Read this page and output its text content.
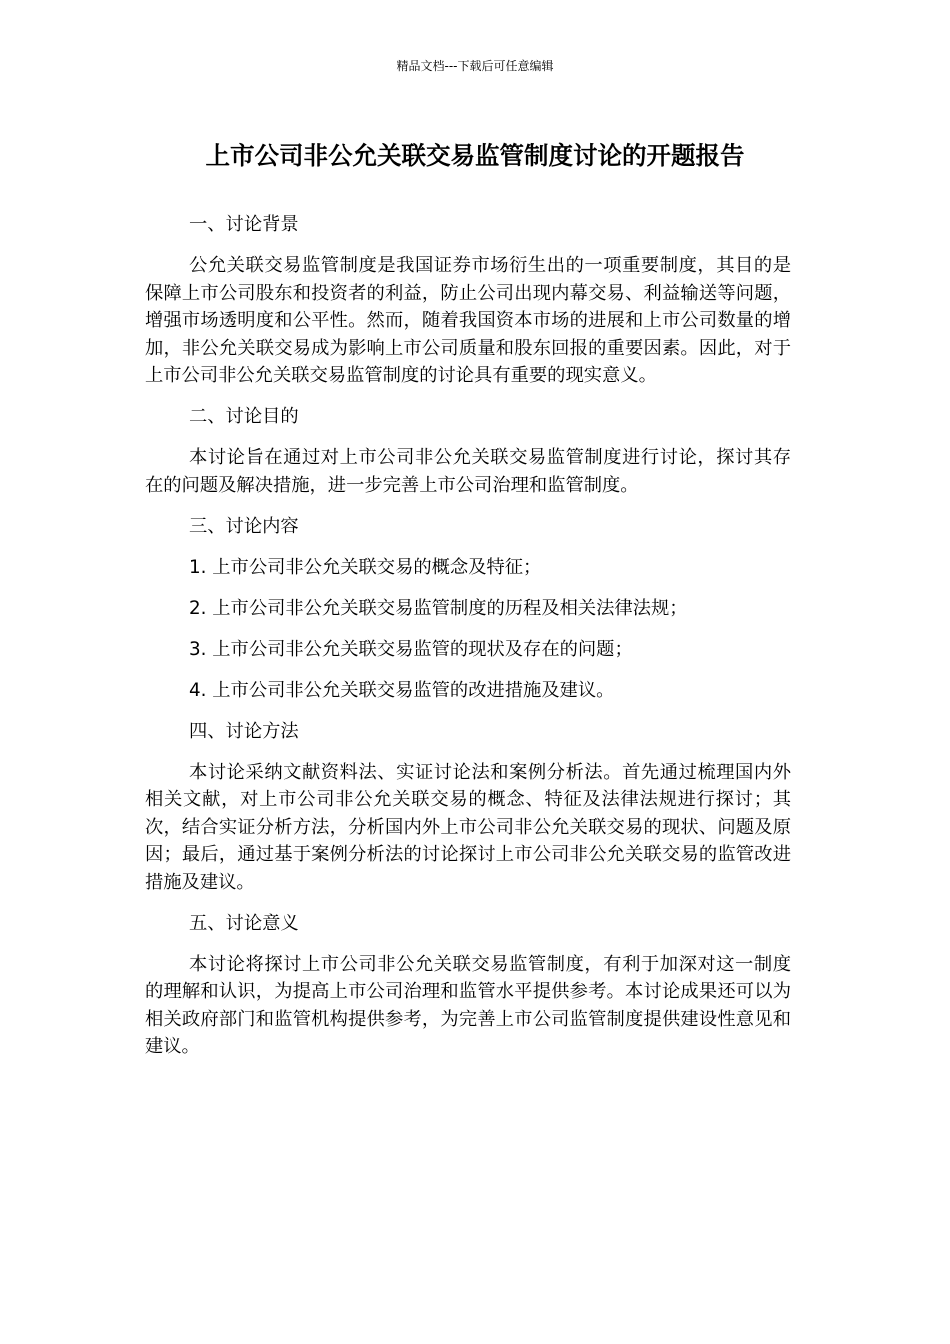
精品文档---下载后可任意编辑
上市公司非公允关联交易监管制度讨论的开题报告

一、讨论背景

公允关联交易监管制度是我国证券市场衍生出的一项重要制度，其目的是保障上市公司股东和投资者的利益，防止公司出现内幕交易、利益输送等问题，增强市场透明度和公平性。然而，随着我国资本市场的进展和上市公司数量的增加，非公允关联交易成为影响上市公司质量和股东回报的重要因素。因此，对于上市公司非公允关联交易监管制度的讨论具有重要的现实意义。

二、讨论目的

本讨论旨在通过对上市公司非公允关联交易监管制度进行讨论，探讨其存在的问题及解决措施，进一步完善上市公司治理和监管制度。

三、讨论内容

1. 上市公司非公允关联交易的概念及特征；

2. 上市公司非公允关联交易监管制度的历程及相关法律法规；

3. 上市公司非公允关联交易监管的现状及存在的问题；

4. 上市公司非公允关联交易监管的改进措施及建议。

四、讨论方法

本讨论采纳文献资料法、实证讨论法和案例分析法。首先通过梳理国内外相关文献，对上市公司非公允关联交易的概念、特征及法律法规进行探讨；其次，结合实证分析方法，分析国内外上市公司非公允关联交易的现状、问题及原因；最后，通过基于案例分析法的讨论探讨上市公司非公允关联交易的监管改进措施及建议。

五、讨论意义

本讨论将探讨上市公司非公允关联交易监管制度，有利于加深对这一制度的理解和认识，为提高上市公司治理和监管水平提供参考。本讨论成果还可以为相关政府部门和监管机构提供参考，为完善上市公司监管制度提供建设性意见和建议。
